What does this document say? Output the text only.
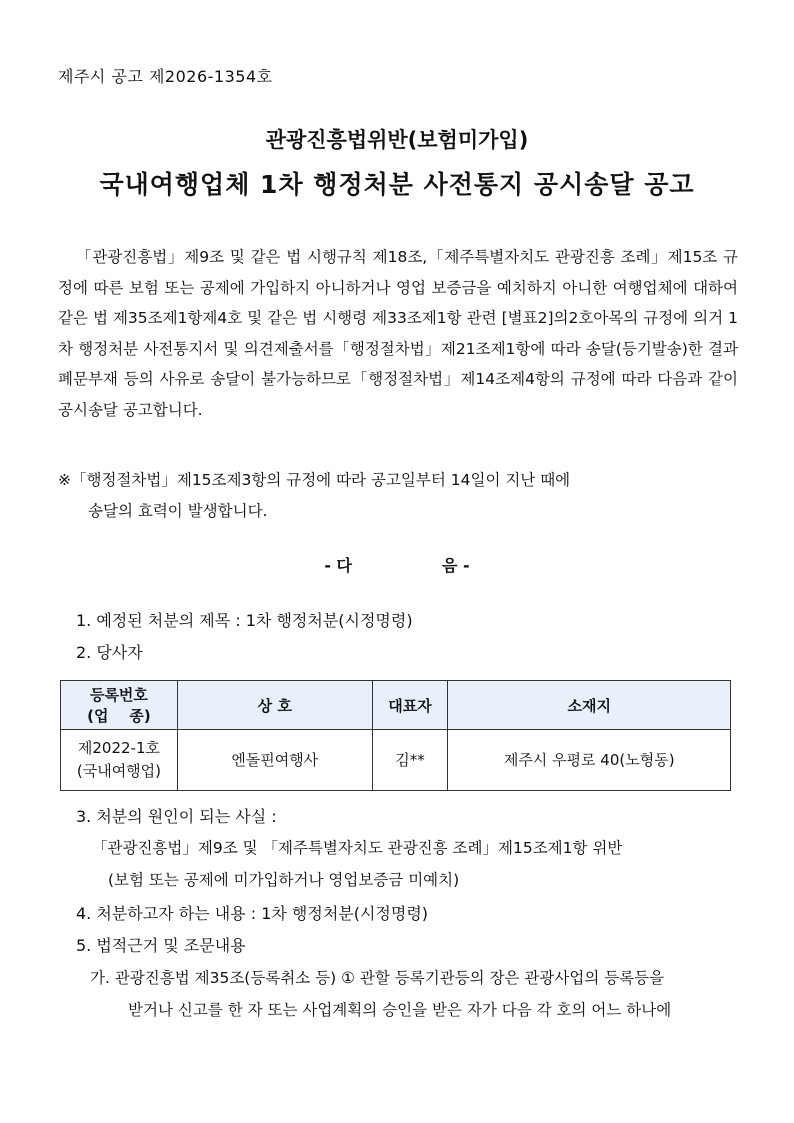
제주시 공고 제2026-1354호
관광진흥법위반(보험미가입)
국내여행업체 1차 행정처분 사전통지 공시송달 공고

「관광진흥법」제9조 및 같은 법 시행규칙 제18조,「제주특별자치도 관광진흥 조례」제15조 규정에 따른 보험 또는 공제에 가입하지 아니하거나 영업 보증금을 예치하지 아니한 여행업체에 대하여 같은 법 제35조제1항제4호 및 같은 법 시행령 제33조제1항 관련 [별표2]의2호아목의 규정에 의거 1차 행정처분 사전통지서 및 의견제출서를「행정절차법」제21조제1항에 따라 송달(등기발송)한 결과 폐문부재 등의 사유로 송달이 불가능하므로「행정절차법」제14조제4항의 규정에 따라 다음과 같이 공시송달 공고합니다.

※「행정절차법」제15조제3항의 규정에 따라 공고일부터 14일이 지난 때에
송달의 효력이 발생합니다.

- 다	음 -

1. 예정된 처분의 제목 : 1차 행정처분(시정명령)

2. 당사자

등록번호
(업    종)	상 호	대표자	소재지

제2022-1호
(국내여행업)	엔돌핀여행사	김**	제주시 우평로 40(노형동)

3. 처분의 원인이 되는 사실 :

「관광진흥법」제9조 및 「제주특별자치도 관광진흥 조례」제15조제1항 위반

(보험 또는 공제에 미가입하거나 영업보증금 미예치)

4. 처분하고자 하는 내용 : 1차 행정처분(시정명령)

5. 법적근거 및 조문내용

가. 관광진흥법 제35조(등록취소 등) ① 관할 등록기관등의 장은 관광사업의 등록등을
받거나 신고를 한 자 또는 사업계획의 승인을 받은 자가 다음 각 호의 어느 하나에
